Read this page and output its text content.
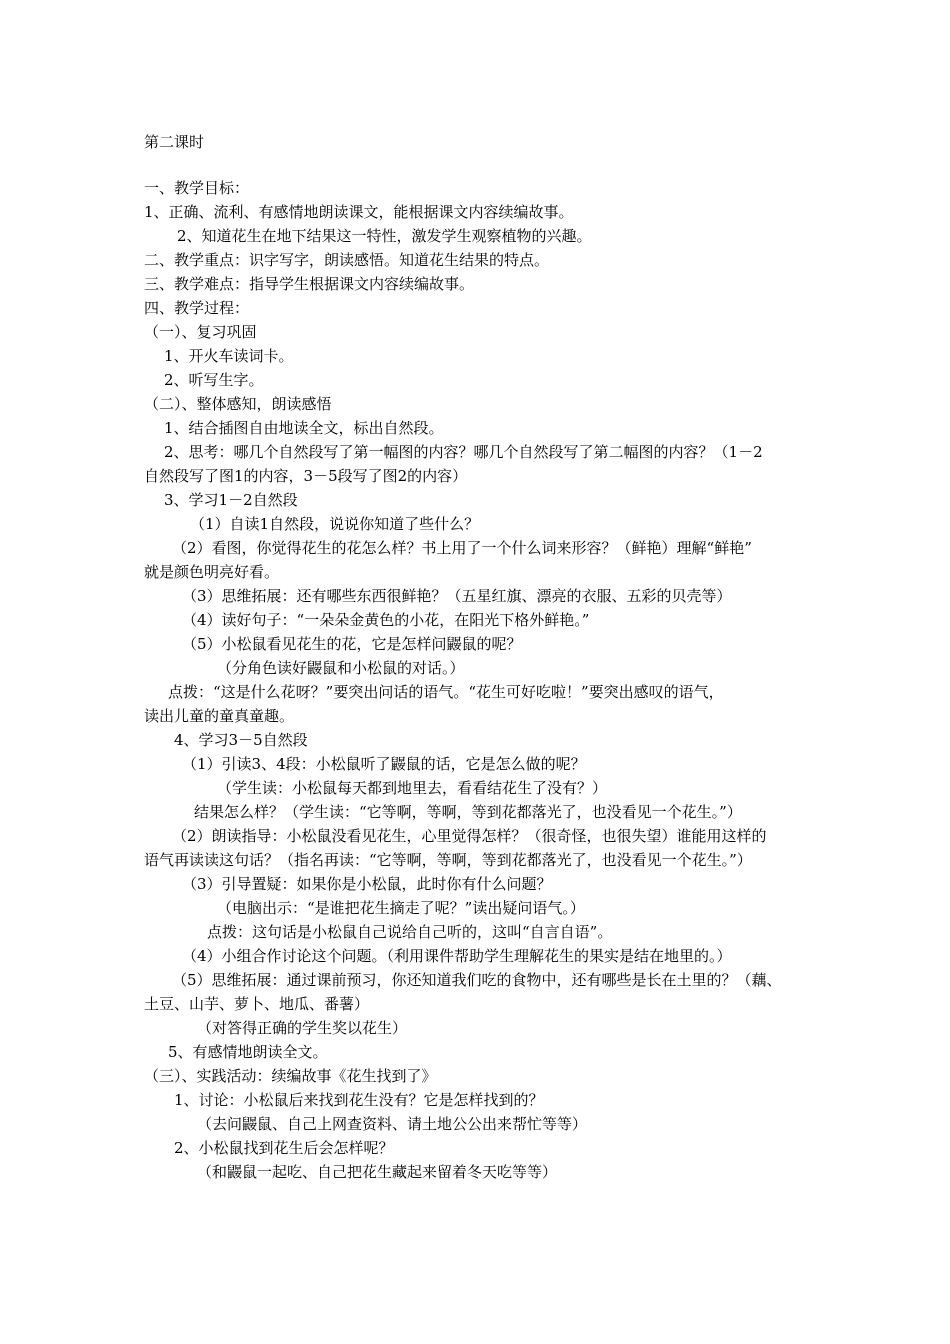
第二课时
一、教学目标：
1、正确、流利、有感情地朗读课文，能根据课文内容续编故事。
2、知道花生在地下结果这一特性，激发学生观察植物的兴趣。
二、教学重点：识字写字，朗读感悟。知道花生结果的特点。
三、教学难点：指导学生根据课文内容续编故事。
四、教学过程：
（一）、复习巩固
1、开火车读词卡。
2、听写生字。
（二）、整体感知，朗读感悟
1、结合插图自由地读全文，标出自然段。
2、思考：哪几个自然段写了第一幅图的内容？哪几个自然段写了第二幅图的内容？（1－2
自然段写了图1的内容，3－5段写了图2的内容）
3、学习1－2自然段
（1）自读1自然段，说说你知道了些什么？
（2）看图，你觉得花生的花怎么样？书上用了一个什么词来形容？（鲜艳）理解“鲜艳”
就是颜色明亮好看。
（3）思维拓展：还有哪些东西很鲜艳？（五星红旗、漂亮的衣服、五彩的贝壳等）
（4）读好句子：“一朵朵金黄色的小花，在阳光下格外鲜艳。”
（5）小松鼠看见花生的花，它是怎样问鼹鼠的呢？
（分角色读好鼹鼠和小松鼠的对话。）
点拨：“这是什么花呀？”要突出问话的语气。“花生可好吃啦！”要突出感叹的语气，
读出儿童的童真童趣。
4、学习3－5自然段
（1）引读3、4段：小松鼠听了鼹鼠的话，它是怎么做的呢？
（学生读：小松鼠每天都到地里去，看看结花生了没有？）
结果怎么样？（学生读：“它等啊，等啊，等到花都落光了，也没看见一个花生。”）
（2）朗读指导：小松鼠没看见花生，心里觉得怎样？（很奇怪，也很失望）谁能用这样的
语气再读读这句话？（指名再读：“它等啊，等啊，等到花都落光了，也没看见一个花生。”）
（3）引导置疑：如果你是小松鼠，此时你有什么问题？
（电脑出示：“是谁把花生摘走了呢？”读出疑问语气。）
点拨：这句话是小松鼠自己说给自己听的，这叫“自言自语”。
（4）小组合作讨论这个问题。（利用课件帮助学生理解花生的果实是结在地里的。）
（5）思维拓展：通过课前预习，你还知道我们吃的食物中，还有哪些是长在土里的？（藕、
土豆、山芋、萝卜、地瓜、番薯）
（对答得正确的学生奖以花生）
5、有感情地朗读全文。
（三）、实践活动：续编故事《花生找到了》
1、讨论：小松鼠后来找到花生没有？它是怎样找到的？
（去问鼹鼠、自己上网查资料、请土地公公出来帮忙等等）
2、小松鼠找到花生后会怎样呢？
（和鼹鼠一起吃、自己把花生藏起来留着冬天吃等等）
